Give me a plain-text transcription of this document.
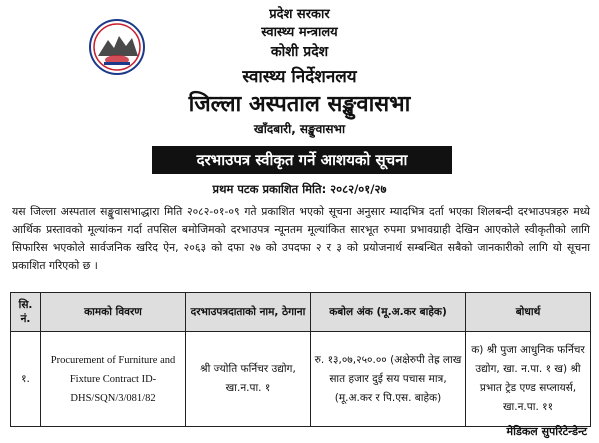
प्रदेश सरकार
स्वास्थ्य मन्त्रालय
कोशी प्रदेश
स्वास्थ्य निर्देशनलय
जिल्ला अस्पताल सङ्खुवासभा
खाँदबारी, सङ्खुवासभा
दरभाउपत्र स्वीकृत गर्ने आशयको सूचना
प्रथम पटक प्रकाशित मिति: २०८२/०१/२७

यस जिल्ला अस्पताल सङ्खुवासभाद्धारा मिति २०८२-०१-०९ गते प्रकाशित भएको सूचना अनुसार म्यादभित्र दर्ता भएका शिलबन्दी दरभाउपत्रहरु मध्ये आर्थिक प्रस्तावको मूल्यांकन गर्दा तपसिल बमोजिमको दरभाउपत्र न्यूनतम मूल्यांकित सारभूत रुपमा प्रभावग्राही देखिन आएकोले स्वीकृतीको लागि सिफारिस भएकोले सार्वजनिक खरिद ऐन, २०६३ को दफा २७ को उपदफा २ र ३ को प्रयोजनार्थ सम्बन्धित सबैको जानकारीको लागि यो सूचना प्रकाशित गरिएको छ ।

सि. नं.	कामको विवरण	दरभाउपत्रदाताको नाम, ठेगाना	कबोल अंक (मू.अ.कर बाहेक)	बोधार्थ
१.	Procurement of Furniture and Fixture Contract ID-DHS/SQN/3/081/82	श्री ज्योति फर्निचर उद्योग, खा.न.पा. १	रु. १३,०७,२५०.०० (अक्षेरुपी तेह्र लाख सात हजार दुई सय पचास मात्र, (मू.अ.कर र पि.एस. बाहेक)	क) श्री पुजा आधुनिक फर्निचर उद्योग, खा. न.पा. १ ख) श्री प्रभात ट्रेड एण्ड सप्लायर्स, खा.न.पा. ११
मेडिकल सुपरिटेन्डेन्ट
